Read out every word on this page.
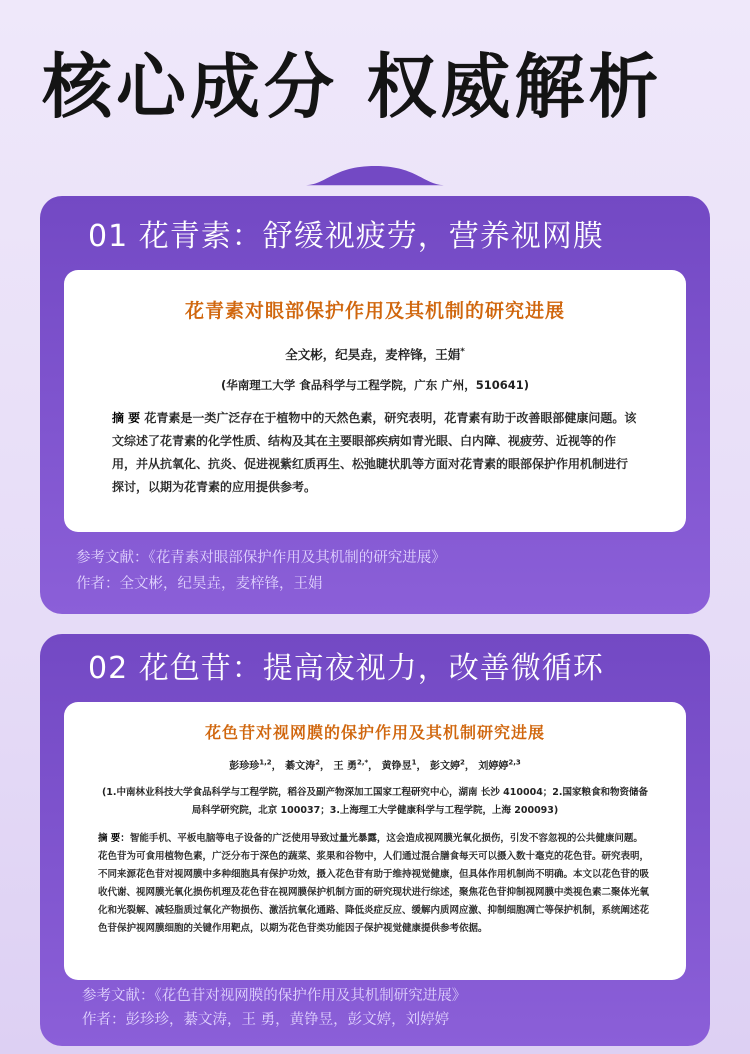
核心成分 权威解析
01 花青素：舒缓视疲劳，营养视网膜
花青素对眼部保护作用及其机制的研究进展
全文彬，纪昊垚，麦梓锋，王娟*
(华南理工大学 食品科学与工程学院，广东 广州，510641)
摘 要 花青素是一类广泛存在于植物中的天然色素，研究表明，花青素有助于改善眼部健康问题。该文综述了花青素的化学性质、结构及其在主要眼部疾病如青光眼、白内障、视疲劳、近视等的作用，并从抗氧化、抗炎、促进视紫红质再生、松弛睫状肌等方面对花青素的眼部保护作用机制进行探讨，以期为花青素的应用提供参考。
参考文献：《花青素对眼部保护作用及其机制的研究进展》
作者：全文彬，纪昊垚，麦梓锋，王娟
02 花色苷：提高夜视力，改善微循环
花色苷对视网膜的保护作用及其机制研究进展
彭珍珍$^{1,2}$， 綦文涛$^2$， 王 勇$^{2,*}$， 黄铮昱$^1$， 彭文婷$^2$， 刘婷婷$^{2,3}$
(1.中南林业科技大学食品科学与工程学院，稻谷及副产物深加工国家工程研究中心，湖南 长沙 410004；2.国家粮食和物资储备局科学研究院，北京 100037；3.上海理工大学健康科学与工程学院，上海 200093)
摘 要：智能手机、平板电脑等电子设备的广泛使用导致过量光暴露，这会造成视网膜光氧化损伤，引发不容忽视的公共健康问题。花色苷为可食用植物色素，广泛分布于深色的蔬菜、浆果和谷物中，人们通过混合膳食每天可以摄入数十毫克的花色苷。研究表明，不同来源花色苷对视网膜中多种细胞具有保护功效，摄入花色苷有助于维持视觉健康，但具体作用机制尚不明确。本文以花色苷的吸收代谢、视网膜光氧化损伤机理及花色苷在视网膜保护机制方面的研究现状进行综述，聚焦花色苷抑制视网膜中类视色素二聚体光氧化和光裂解、减轻脂质过氧化产物损伤、激活抗氧化通路、降低炎症反应、缓解内质网应激、抑制细胞凋亡等保护机制，系统阐述花色苷保护视网膜细胞的关键作用靶点，以期为花色苷类功能因子保护视觉健康提供参考依据。
参考文献：《花色苷对视网膜的保护作用及其机制研究进展》
作者：彭珍珍，綦文涛，王 勇，黄铮昱，彭文婷，刘婷婷
